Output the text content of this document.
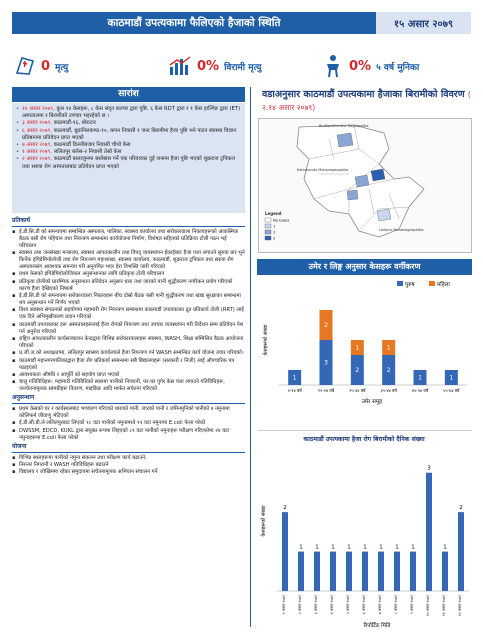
काठमाडौं उपत्यकामा फैलिएको हैजाको स्थिति	१५ असार २०७९
0 मृत्यु	0% विरामी मृत्यु	0% ५ वर्ष मुनिका
सारांश
• १४ असार २०७९, कुल १४ केसहरू, ८ केस संदृत कल्चर द्वारा पुष्टि, ६ केस RDT द्वारा र १ केस हाल्पिङ द्वारा (ET) अस्पतालमा र बिरामीको उपचार भइरहेको छ ।
• ३ असार २०७९, काठमाडौं-१६, बोराटार
• ६ असार २०७९, काठमाडौं, बुढानिलकण्ठ-१०, कपन निवासी १ जना बिरामीमा हैजा पुष्टि भने पाटन स्वास्थ्य विज्ञान प्रतिष्ठानमा प्रतिवेदन प्राप्त भएको
• ७ असार २०७९, काठमाडौं डिल्लीबजार निवासी चौथो केस
• १ असार २०७९, ललितपुर बलेस-२ निवासी तेस्रो केस
• २ असार २०७९, काठमाडौं बालाजुनमा बसोबास गर्ने एक परिवारका दुई जनामा हैजा पुष्टि भएको शुक्रराज ट्रपिकल तथा सरुवा रोग अस्पतालबाट प्रतिवेदन प्राप्त भएको
प्रतिकार्य
▪ ई.डी.सि.डी को समन्वयमा सम्बन्धित अस्पताल, पालिका, स्वास्थ्य कार्यालय तथा सरोकारवाला निकायहरूको आकस्मिक बैठक बसी रोग पहिचान तथा नियन्त्रण सम्बन्धमा कार्ययोजना निर्माण, विशेषज्ञ सहितको प्रतिक्रिया टोली गठन भई परिचालन
▪ स्वास्थ्य तथा जनसंख्या मन्त्रालय, स्वास्थ्य आपतकालीन तथा विपद् व्यवस्थापन ईकाईबाट हैजा पत्ता लगाउने सुरुवा प्रार भुने किर्नेक इपिडेमियोलोजी तथा रोग नियन्त्रण महाशाखा, स्वास्थ्य कार्यालय, काठमाडौं, शुक्रराज ट्रपिकल तथा सरुवा रोग अस्पतालसंग आवश्यक समन्वय गरी अनुगमित भएर हेरा विभक्ति जारी गरिएको
▪ प्रथम केसको इपिडेमियोलोजिकल अनुसन्धानका लागि प्रतिकृया टोली परिचालन
▪ प्रतिकृया टोलीको प्रारम्भिक अनुसन्धान प्रतिवेदन अनुसार धारा तथा जारको पानी शुद्धीकरण नगरिकन प्रयोग गरिएको कारण हैजा देखिएको निष्कर्ष
▪ ई.डी.सि.डी को समन्वयमा सरोकारवाला निकायहरू बीच दोस्रो बैठक बसी पानी शुद्धीकरण तथा खाद्य सुरक्षाका सम्बन्धमा थप अनुसन्धान गर्ने निर्णय भएको
▪ विश्व स्वास्थ्य संगठनको सहयोगमा महामारी रोग नियन्त्रण सम्बन्धमा काठमाडौं उपत्यकाका द्रुत प्रतिकार्य टोली (RRT) लाई एक दिने अभिमुखीकरण प्रदान गरिएको
▪ काठमाडौं उपत्यकाका हरू अस्पतालहरूलाई हैजा रोगको नियन्त्रण तथा उपचार व्यवस्थापन गरी निर्देशन सम्म प्रतिवेदन पेश गर्न अनुरोध गरिएको
▪ राष्ट्रिय आपतकालीन कार्यसञ्चालन केन्द्रद्वारा विभिन्न सरोकारवालाहरू स्वास्थ्य, WASH, शिक्षा सम्मिलित बैठक आयोजना गरिएको
▪ प्र.जी.ज.को अध्यक्षतामा, ललितपुर स्वास्थ्य कार्यालयले हैजा नियन्त्रण गर्न WASH सम्बन्धित कार्य योजना तयार गरिएको।
▪ काठमाडौं महानगरपालिकाद्वारा हैजा रोग प्रतिकार्य सम्बन्धमा सबै बिद्यालयहरू (सरकारी र निजी) लाई औपचारिक पत्र पठाइएको
▪ आवश्यकता औषधि र आपूर्ति को सहयोग प्राप्त भएको
▪ चालु गतिविधिहरू: महामारी गतिविधिको स्थलमा पानीको निगरानी, घर-घर पुगेर केस पत्ता लगाउने गतिविधिहरू, जनचेतनामूलक सामग्रीहरू वितरण, माइकिङ आदि मार्फत सचेतना गरिएको
अनुसन्धान
▪ प्रथम केसको घर र कार्यस्थलबाट भण्डारण गरिएको धाराको पानी, जारको पानी र जमिनमुनिको पानीको ४ नमुनामा कोलिफर्म जीवाणु भेटिएको
▪ ई.डी.सी.डी.ले ललितपुरबाट लिएको १८ वटा पानीको नमुनामध्ये १२ वटा नमुनामा E.coli फेला परेको
▪ DWSSM, EDCD, KUKL द्वारा संयुक्त रूपमा लिइएको ८९ वटा पानीको नमुनाहरू परीक्षण गरिएकोमा २४ वटा नमुनाहरूमा E.coli फेला परेको
योजना
▪ विभिन्न स्थलहरूमा पानीको नमुना संकलन तथा परीक्षण कार्य बढाउने,
▪ निरन्तर निगरानी र WASH गतिविधिहरू बढाउने
▪ विद्यालय र जोखिममा रहेका समुदायमा सचेतनामूलक अभियान संचालन गर्ने
वडाअनुसार काठमाडौं उपत्यकामा हैजाका बिरामीको विवरण ( २.१४ असार २०७९)
Budhanilkantha Nagarpalika
Kathmandu Mahanagarpalika
Lalitpur Mahanagarpalika
Legend
No Cases
1
2
3
उमेर र लिङ्ग अनुसार केसहरू वर्गीकरण
पुरुष	महिला
1
०-१४ वर्ष
3
2
१५-२४ वर्ष
2
1
२५-३४ वर्ष
2
1
३५-४४ वर्ष
1
४५-५४ वर्ष
1
५५-६४ वर्ष
उमेर समूह
केसहरूको संख्या
काठमाडौं उपत्यकामा हैजा रोग बिरामीको दैनिक संख्या
2
१ असार २०७९
1
२ असार २०७९
1
३ असार २०७९
1
४ असार २०७९
1
५ असार २०७९
1
६ असार २०७९
1
७ असार २०७९
1
८ असार २०७९
1
९ असार २०७९
3
१० असार २०७९
1
११ असार २०७९
2
१२ असार २०७९
रिपोर्टिङ मिति
केसहरूको संख्या
